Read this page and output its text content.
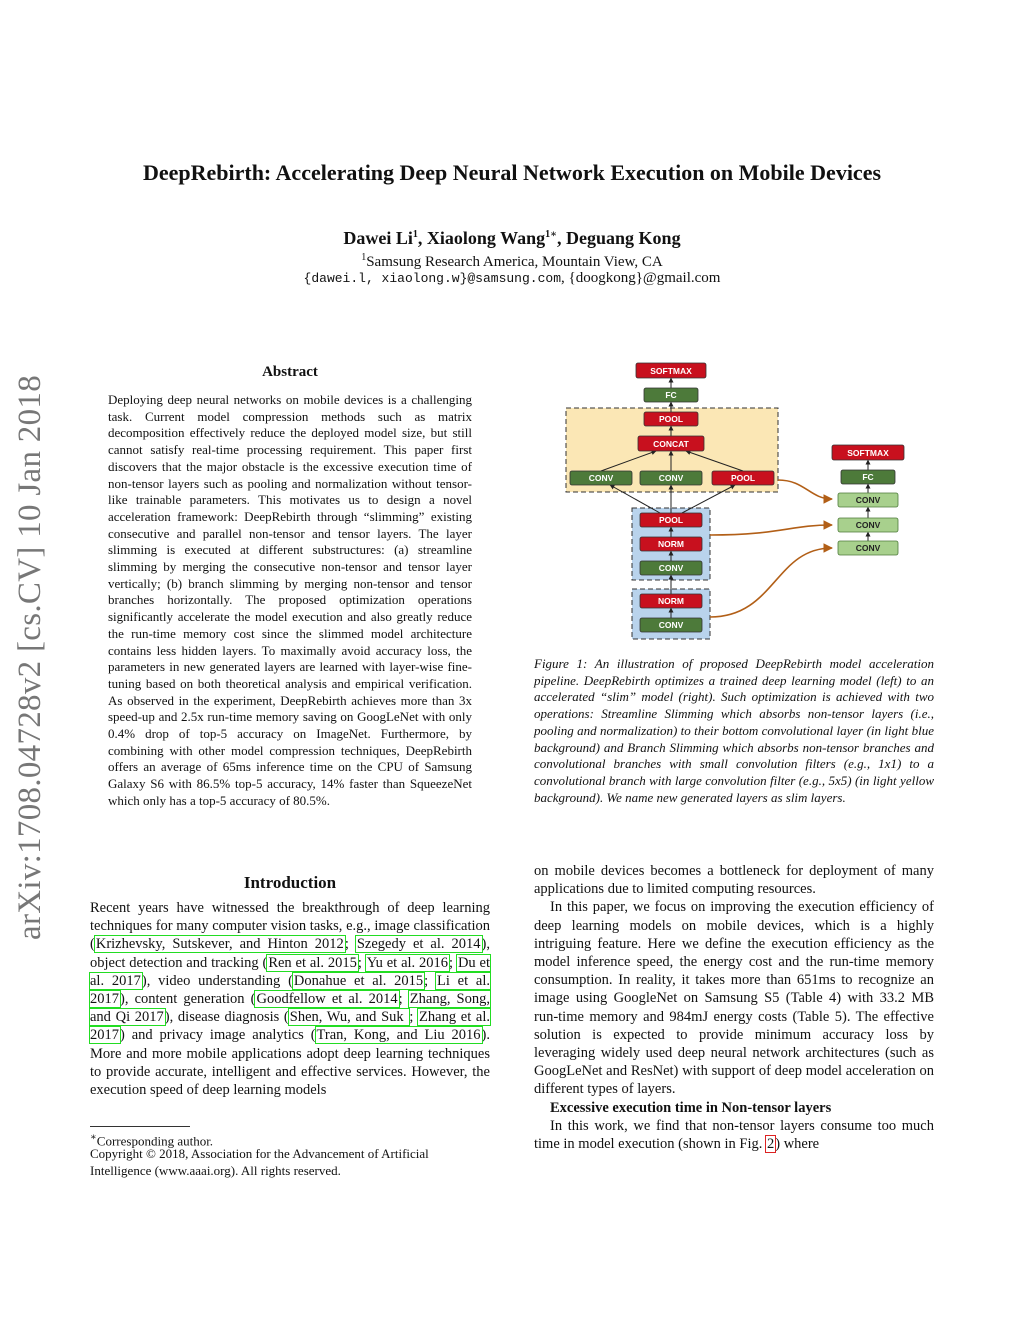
arXiv:1708.04728v2 [cs.CV] 10 Jan 2018
DeepRebirth: Accelerating Deep Neural Network Execution on Mobile Devices
Dawei Li$^1$, Xiaolong Wang$^{1∗}$, Deguang Kong
$^1$Samsung Research America, Mountain View, CA
{dawei.l, xiaolong.w}@samsung.com, {doogkong}@gmail.com
Abstract
Deploying deep neural networks on mobile devices is a challenging task. Current model compression methods such as matrix decomposition effectively reduce the deployed model size, but still cannot satisfy real-time processing requirement. This paper first discovers that the major obstacle is the excessive execution time of non-tensor layers such as pooling and normalization without tensor-like trainable parameters. This motivates us to design a novel acceleration framework: DeepRebirth through “slimming” existing consecutive and parallel non-tensor and tensor layers. The layer slimming is executed at different substructures: (a) streamline slimming by merging the consecutive non-tensor and tensor layer vertically; (b) branch slimming by merging non-tensor and tensor branches horizontally. The proposed optimization operations significantly accelerate the model execution and also greatly reduce the run-time memory cost since the slimmed model architecture contains less hidden layers. To maximally avoid accuracy loss, the parameters in new generated layers are learned with layer-wise fine-tuning based on both theoretical analysis and empirical verification. As observed in the experiment, DeepRebirth achieves more than 3x speed-up and 2.5x run-time memory saving on GoogLeNet with only 0.4% drop of top-5 accuracy on ImageNet. Furthermore, by combining with other model compression techniques, DeepRebirth offers an average of 65ms inference time on the CPU of Samsung Galaxy S6 with 86.5% top-5 accuracy, 14% faster than SqueezeNet which only has a top-5 accuracy of 80.5%.
Introduction
Recent years have witnessed the breakthrough of deep learning techniques for many computer vision tasks, e.g., image classification (Krizhevsky, Sutskever, and Hinton 2012; Szegedy et al. 2014), object detection and tracking (Ren et al. 2015; Yu et al. 2016; Du et al. 2017), video understanding (Donahue et al. 2015; Li et al. 2017), content generation (Goodfellow et al. 2014; Zhang, Song, and Qi 2017), disease diagnosis (Shen, Wu, and Suk ; Zhang et al. 2017) and privacy image analytics (Tran, Kong, and Liu 2016). More and more mobile applications adopt deep learning techniques to provide accurate, intelligent and effective services. However, the execution speed of deep learning models
∗Corresponding author.
Copyright © 2018, Association for the Advancement of Artificial Intelligence (www.aaai.org). All rights reserved.
SOFTMAX
FC
POOL
CONCAT
CONV	CONV	POOL
POOL
NORM
CONV
NORM
CONV
SOFTMAX
FC
CONV
CONV
CONV
Figure 1: An illustration of proposed DeepRebirth model acceleration pipeline. DeepRebirth optimizes a trained deep learning model (left) to an accelerated “slim” model (right). Such optimization is achieved with two operations: Streamline Slimming which absorbs non-tensor layers (i.e., pooling and normalization) to their bottom convolutional layer (in light blue background) and Branch Slimming which absorbs non-tensor branches and convolutional branches with small convolution filters (e.g., 1x1) to a convolutional branch with large convolution filter (e.g., 5x5) (in light yellow background). We name new generated layers as slim layers.

on mobile devices becomes a bottleneck for deployment of many applications due to limited computing resources.

In this paper, we focus on improving the execution efficiency of deep learning models on mobile devices, which is a highly intriguing feature. Here we define the execution efficiency as the model inference speed, the energy cost and the run-time memory consumption. In reality, it takes more than 651ms to recognize an image using GoogleNet on Samsung S5 (Table 4) with 33.2 MB run-time memory and 984mJ energy costs (Table 5). The effective solution is expected to provide minimum accuracy loss by leveraging widely used deep neural network architectures (such as GoogLeNet and ResNet) with support of deep model acceleration on different types of layers.

Excessive execution time in Non-tensor layers

In this work, we find that non-tensor layers consume too much time in model execution (shown in Fig. 2) where
